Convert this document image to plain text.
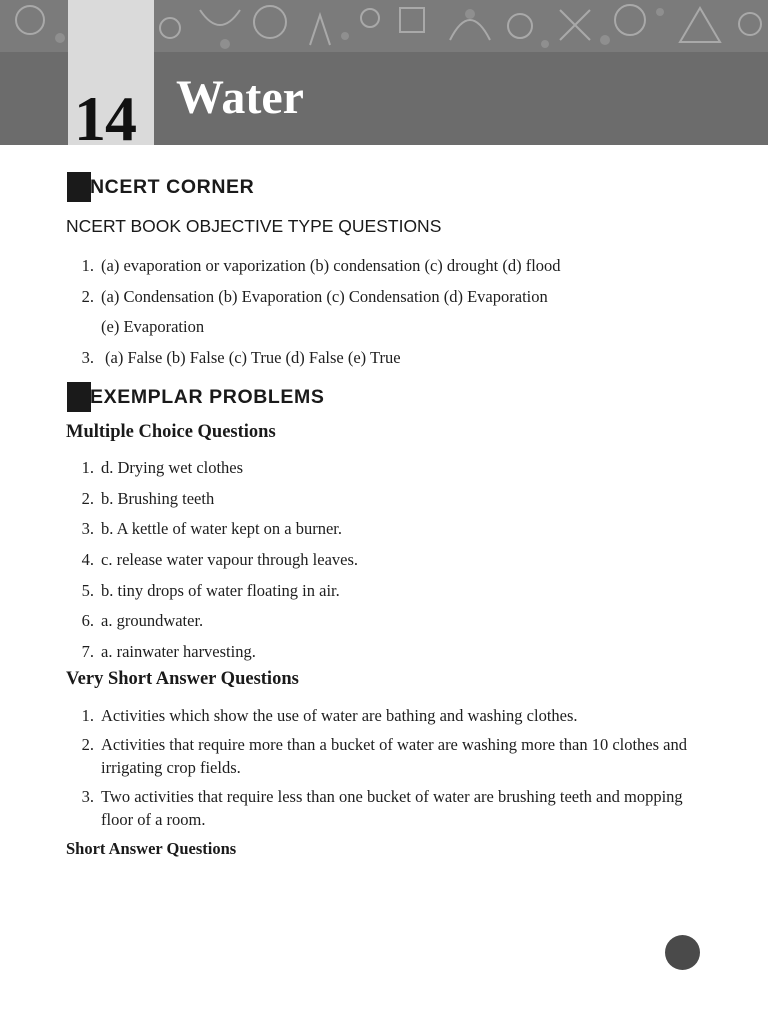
14 Water
NCERT CORNER
NCERT BOOK OBJECTIVE TYPE QUESTIONS
1. (a) evaporation or vaporization (b) condensation (c) drought (d) flood
2. (a) Condensation (b) Evaporation (c) Condensation (d) Evaporation
(e) Evaporation
3. (a) False (b) False (c) True (d) False (e) True
EXEMPLAR PROBLEMS
Multiple Choice Questions
1. d. Drying wet clothes
2. b. Brushing teeth
3. b. A kettle of water kept on a burner.
4. c. release water vapour through leaves.
5. b. tiny drops of water floating in air.
6. a. groundwater.
7. a. rainwater harvesting.
Very Short Answer Questions
1. Activities which show the use of water are bathing and washing clothes.
2. Activities that require more than a bucket of water are washing more than 10 clothes and irrigating crop fields.
3. Two activities that require less than one bucket of water are brushing teeth and mopping floor of a room.
Short Answer Questions
